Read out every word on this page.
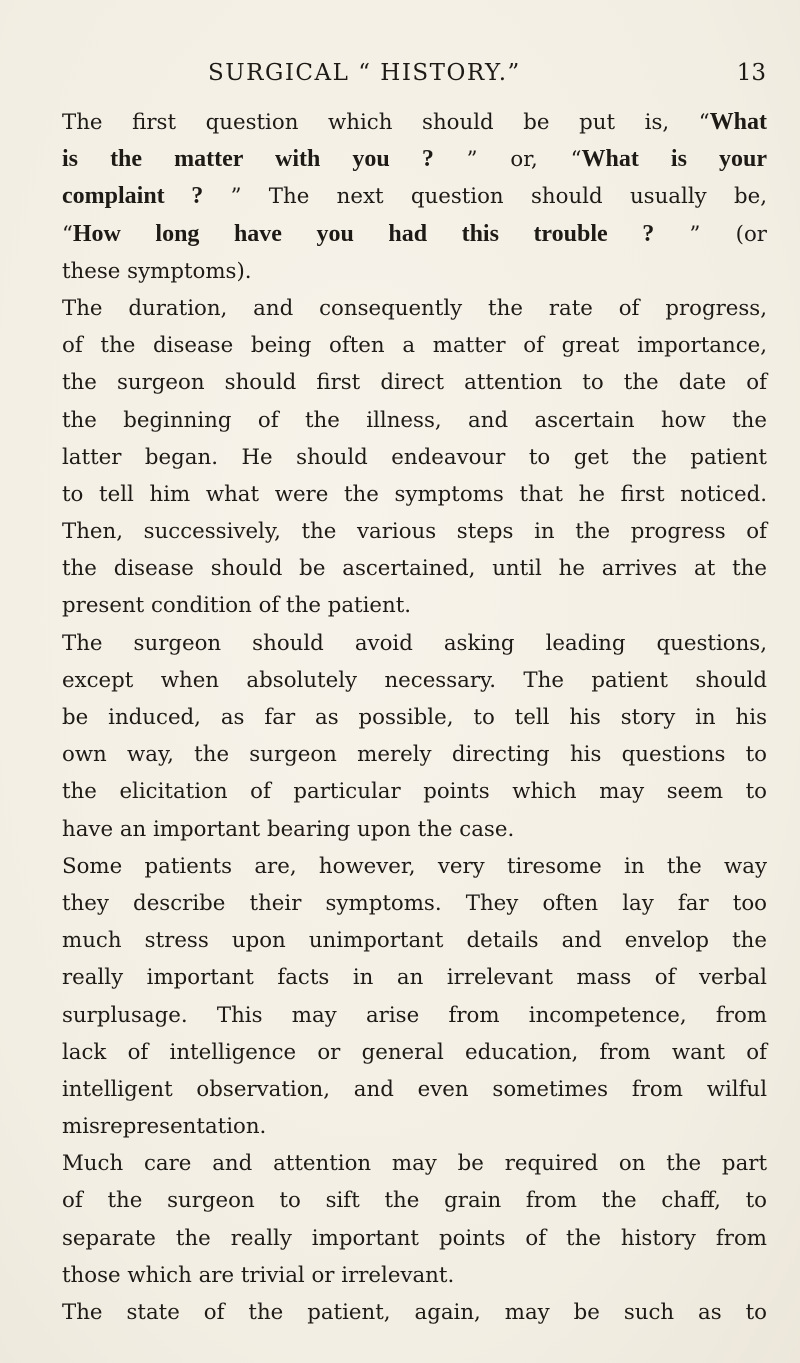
SURGICAL “ HISTORY.”	13
The first question which should be put is, “What
is the matter with you ? ” or, “What is your
complaint ? ” The next question should usually be,
“How long have you had this trouble ? ” (or
these symptoms).
The duration, and consequently the rate of progress,
of the disease being often a matter of great importance,
the surgeon should first direct attention to the date of
the beginning of the illness, and ascertain how the
latter began. He should endeavour to get the patient
to tell him what were the symptoms that he first noticed.
Then, successively, the various steps in the progress of
the disease should be ascertained, until he arrives at the
present condition of the patient.
The surgeon should avoid asking leading questions,
except when absolutely necessary. The patient should
be induced, as far as possible, to tell his story in his
own way, the surgeon merely directing his questions to
the elicitation of particular points which may seem to
have an important bearing upon the case.
Some patients are, however, very tiresome in the way
they describe their symptoms. They often lay far too
much stress upon unimportant details and envelop the
really important facts in an irrelevant mass of verbal
surplusage. This may arise from incompetence, from
lack of intelligence or general education, from want of
intelligent observation, and even sometimes from wilful
misrepresentation.
Much care and attention may be required on the part
of the surgeon to sift the grain from the chaff, to
separate the really important points of the history from
those which are trivial or irrelevant.
The state of the patient, again, may be such as to
